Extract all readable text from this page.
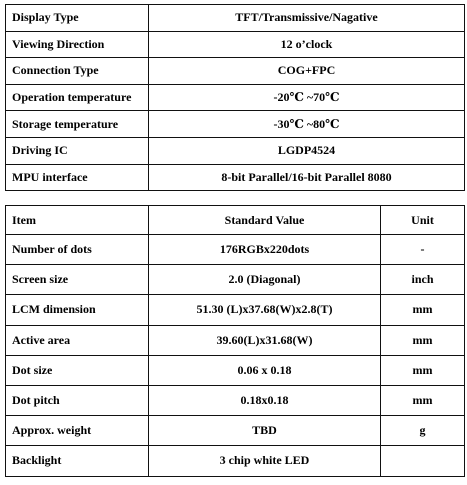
Display Type	TFT/Transmissive/Nagative
Viewing Direction	12 o’clock
Connection Type	COG+FPC
Operation temperature	-20℃ ~70℃
Storage temperature	-30℃ ~80℃
Driving IC	LGDP4524
MPU interface	8-bit Parallel/16-bit Parallel 8080
Item	Standard Value	Unit
Number of dots	176RGBx220dots	-
Screen size	2.0 (Diagonal)	inch
LCM dimension	51.30 (L)x37.68(W)x2.8(T)	mm
Active area	39.60(L)x31.68(W)	mm
Dot size	0.06 x 0.18	mm
Dot pitch	0.18x0.18	mm
Approx. weight	TBD	g
Backlight	3 chip white LED	
